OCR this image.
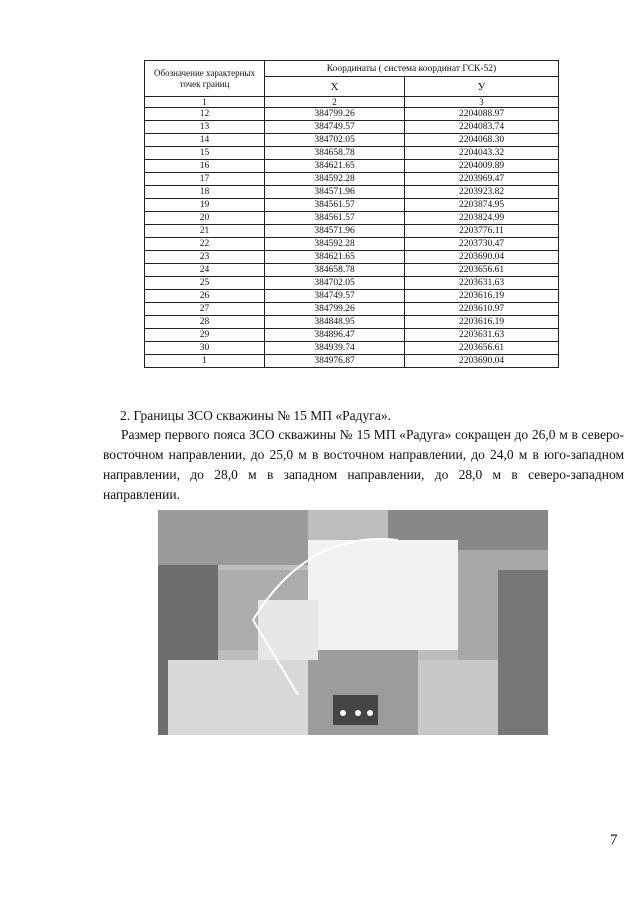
Обозначение характерных точек границ	Координаты ( система координат ГСК-52)	
	X	У
1	2	3
12	384799.26	2204088.97
13	384749.57	2204083.74
14	384702.05	2204068.30
15	384658.78	2204043.32
16	384621.65	2204009.89
17	384592.28	2203969.47
18	384571.96	2203923.82
19	384561.57	2203874.95
20	384561.57	2203824.99
21	384571.96	2203776.11
22	384592.28	2203730.47
23	384621.65	2203690.04
24	384658.78	2203656.61
25	384702.05	2203631.63
26	384749.57	2203616.19
27	384799.26	2203610.97
28	384848.95	2203616.19
29	384896.47	2203631.63
30	384939.74	2203656.61
1	384976.87	2203690.04
2. Границы ЗСО скважины № 15 МП «Радуга».
Размер первого пояса ЗСО скважины № 15 МП «Радуга» сокращен до 26,0 м в северо-восточном направлении, до 25,0 м в восточном направлении, до 24,0 м в юго-западном направлении, до 28,0 м в западном направлении, до 28,0 м в северо-западном направлении.
7
